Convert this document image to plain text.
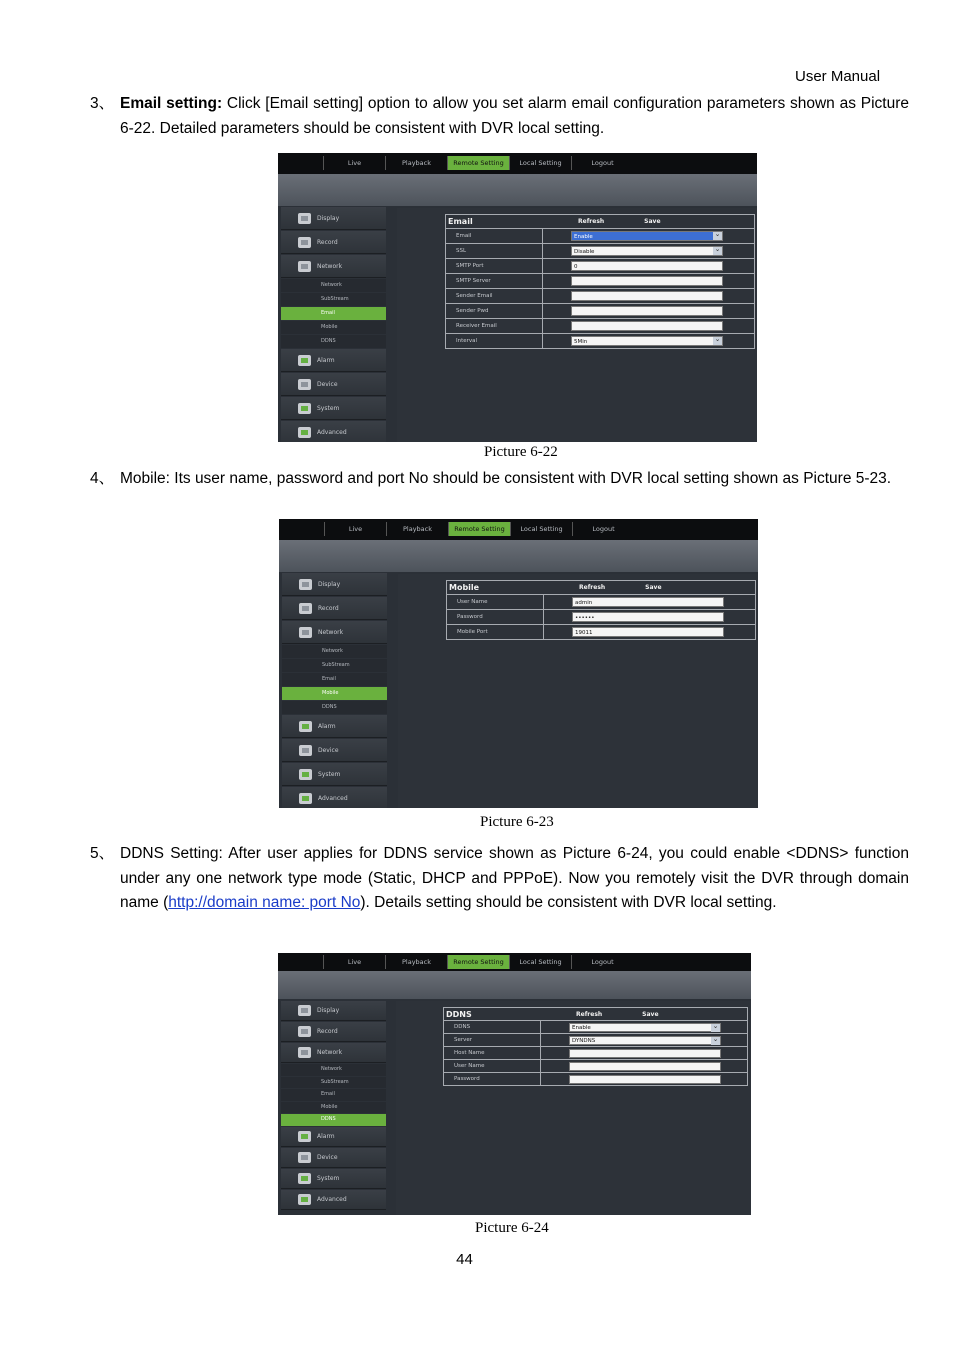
User Manual
3、 Email setting: Click [Email setting] option to allow you set alarm email configuration parameters shown as Picture 6-22. Detailed parameters should be consistent with DVR local setting.
Live	Playback	Remote Setting	Local Setting	Logout
Display
Record
Network
Network
SubStream
Email
Mobile
DDNS
Alarm
Device
System
Advanced
Email	Refresh	Save
Email	Enable ⌄
SSL	Disable ⌄
SMTP Port	0
SMTP Server
Sender Email
Sender Pwd
Receiver Email
Interval	5Min ⌄
Picture 6-22
4、 Mobile: Its user name, password and port No should be consistent with DVR local setting shown as Picture 5-23.
Live	Playback	Remote Setting	Local Setting	Logout
Display
Record
Network
Network
SubStream
Email
Mobile
DDNS
Alarm
Device
System
Advanced
Mobile	Refresh	Save
User Name	admin
Password	••••••
Mobile Port	19011
Picture 6-23
5、 DDNS Setting: After user applies for DDNS service shown as Picture 6-24, you could enable <DDNS> function under any one network type mode (Static, DHCP and PPPoE). Now you remotely visit the DVR through domain name (http://domain name: port No). Details setting should be consistent with DVR local setting.
Live	Playback	Remote Setting	Local Setting	Logout
Display
Record
Network
Network
SubStream
Email
Mobile
DDNS
Alarm
Device
System
Advanced
DDNS	Refresh	Save
DDNS	Enable ⌄
Server	DYNDNS ⌄
Host Name
User Name
Password
Picture 6-24
44
